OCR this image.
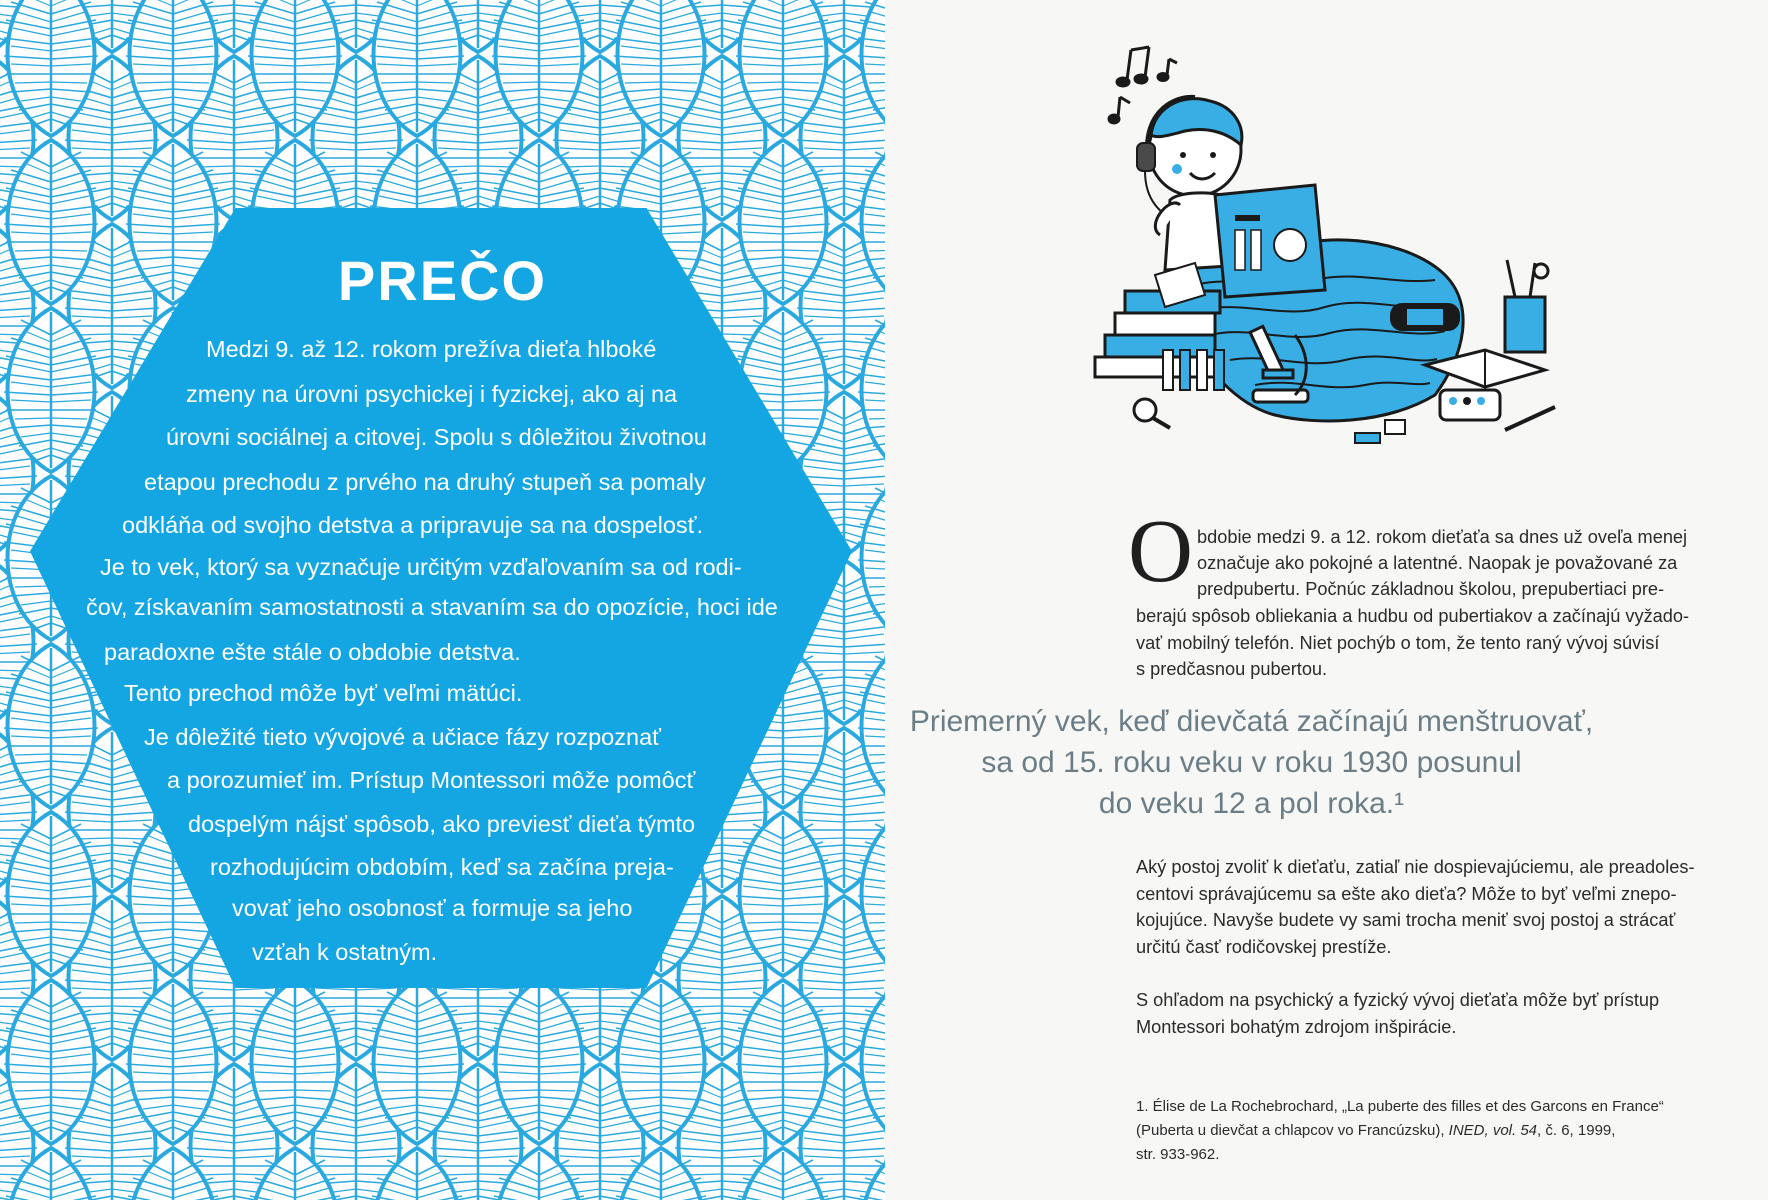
PREČO
Medzi 9. až 12. rokom prežíva dieťa hlboké
zmeny na úrovni psychickej i fyzickej, ako aj na
úrovni sociálnej a citovej. Spolu s dôležitou životnou
etapou prechodu z prvého na druhý stupeň sa pomaly
odkláňa od svojho detstva a pripravuje sa na dospelosť.
Je to vek, ktorý sa vyznačuje určitým vzďaľovaním sa od rodi-
čov, získavaním samostatnosti a stavaním sa do opozície, hoci ide
paradoxne ešte stále o obdobie detstva.
Tento prechod môže byť veľmi mätúci.
Je dôležité tieto vývojové a učiace fázy rozpoznať
a porozumieť im. Prístup Montessori môže pomôcť
dospelým nájsť spôsob, ako previesť dieťa týmto
rozhodujúcim obdobím, keď sa začína preja-
vovať jeho osobnosť a formuje sa jeho
vzťah k ostatným.
O bdobie medzi 9. a 12. rokom dieťaťa sa dnes už oveľa menej
označuje ako pokojné a latentné. Naopak je považované za
predpubertu. Počnúc základnou školou, prepubertiaci pre-
berajú spôsob obliekania a hudbu od pubertiakov a začínajú vyžado-
vať mobilný telefón. Niet pochýb o tom, že tento raný vývoj súvisí
s predčasnou pubertou.
Priemerný vek, keď dievčatá začínajú menštruovať,
sa od 15. roku veku v roku 1930 posunul
do veku 12 a pol roka.¹
Aký postoj zvoliť k dieťaťu, zatiaľ nie dospievajúciemu, ale preadoles-
centovi správajúcemu sa ešte ako dieťa? Môže to byť veľmi znepo-
kojujúce. Navyše budete vy sami trocha meniť svoj postoj a strácať
určitú časť rodičovskej prestíže.
S ohľadom na psychický a fyzický vývoj dieťaťa môže byť prístup
Montessori bohatým zdrojom inšpirácie.
1. Élise de La Rochebrochard, „La puberte des filles et des Garcons en France“
(Puberta u dievčat a chlapcov vo Francúzsku), INED, vol. 54, č. 6, 1999,
str. 933-962.
